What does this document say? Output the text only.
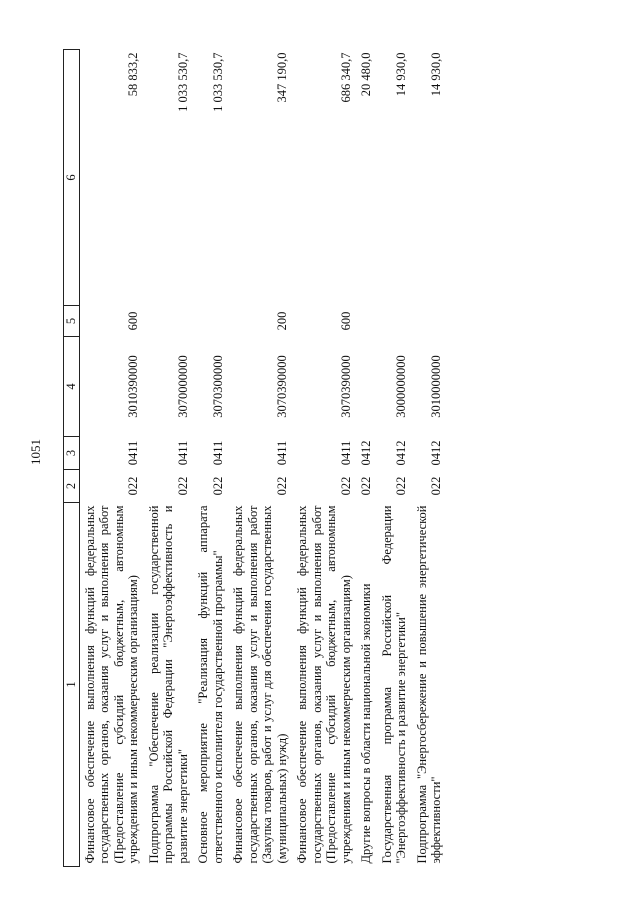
1051
1	2	3	4	5	6
Финансовое обеспечение выполнения функций федеральных государственных органов, оказания услуг и выполнения работ (Предоставление субсидий бюджетным, автономным учреждениям и иным некоммерческим организациям)	022	0411	3010390000	600	58 833,2
Подпрограмма "Обеспечение реализации государственной программы Российской Федерации "Энергоэффективность и развитие энергетики"	022	0411	3070000000		1 033 530,7
Основное мероприятие "Реализация функций аппарата ответственного исполнителя государственной программы"	022	0411	3070300000		1 033 530,7
Финансовое обеспечение выполнения функций федеральных государственных органов, оказания услуг и выполнения работ (Закупка товаров, работ и услуг для обеспечения государственных (муниципальных) нужд)	022	0411	3070390000	200	347 190,0
Финансовое обеспечение выполнения функций федеральных государственных органов, оказания услуг и выполнения работ (Предоставление субсидий бюджетным, автономным учреждениям и иным некоммерческим организациям)	022	0411	3070390000	600	686 340,7
Другие вопросы в области национальной экономики	022	0412			20 480,0
Государственная программа Российской Федерации "Энергоэффективность и развитие энергетики"	022	0412	3000000000		14 930,0
Подпрограмма "Энергосбережение и повышение энергетической эффективности"	022	0412	3010000000		14 930,0
